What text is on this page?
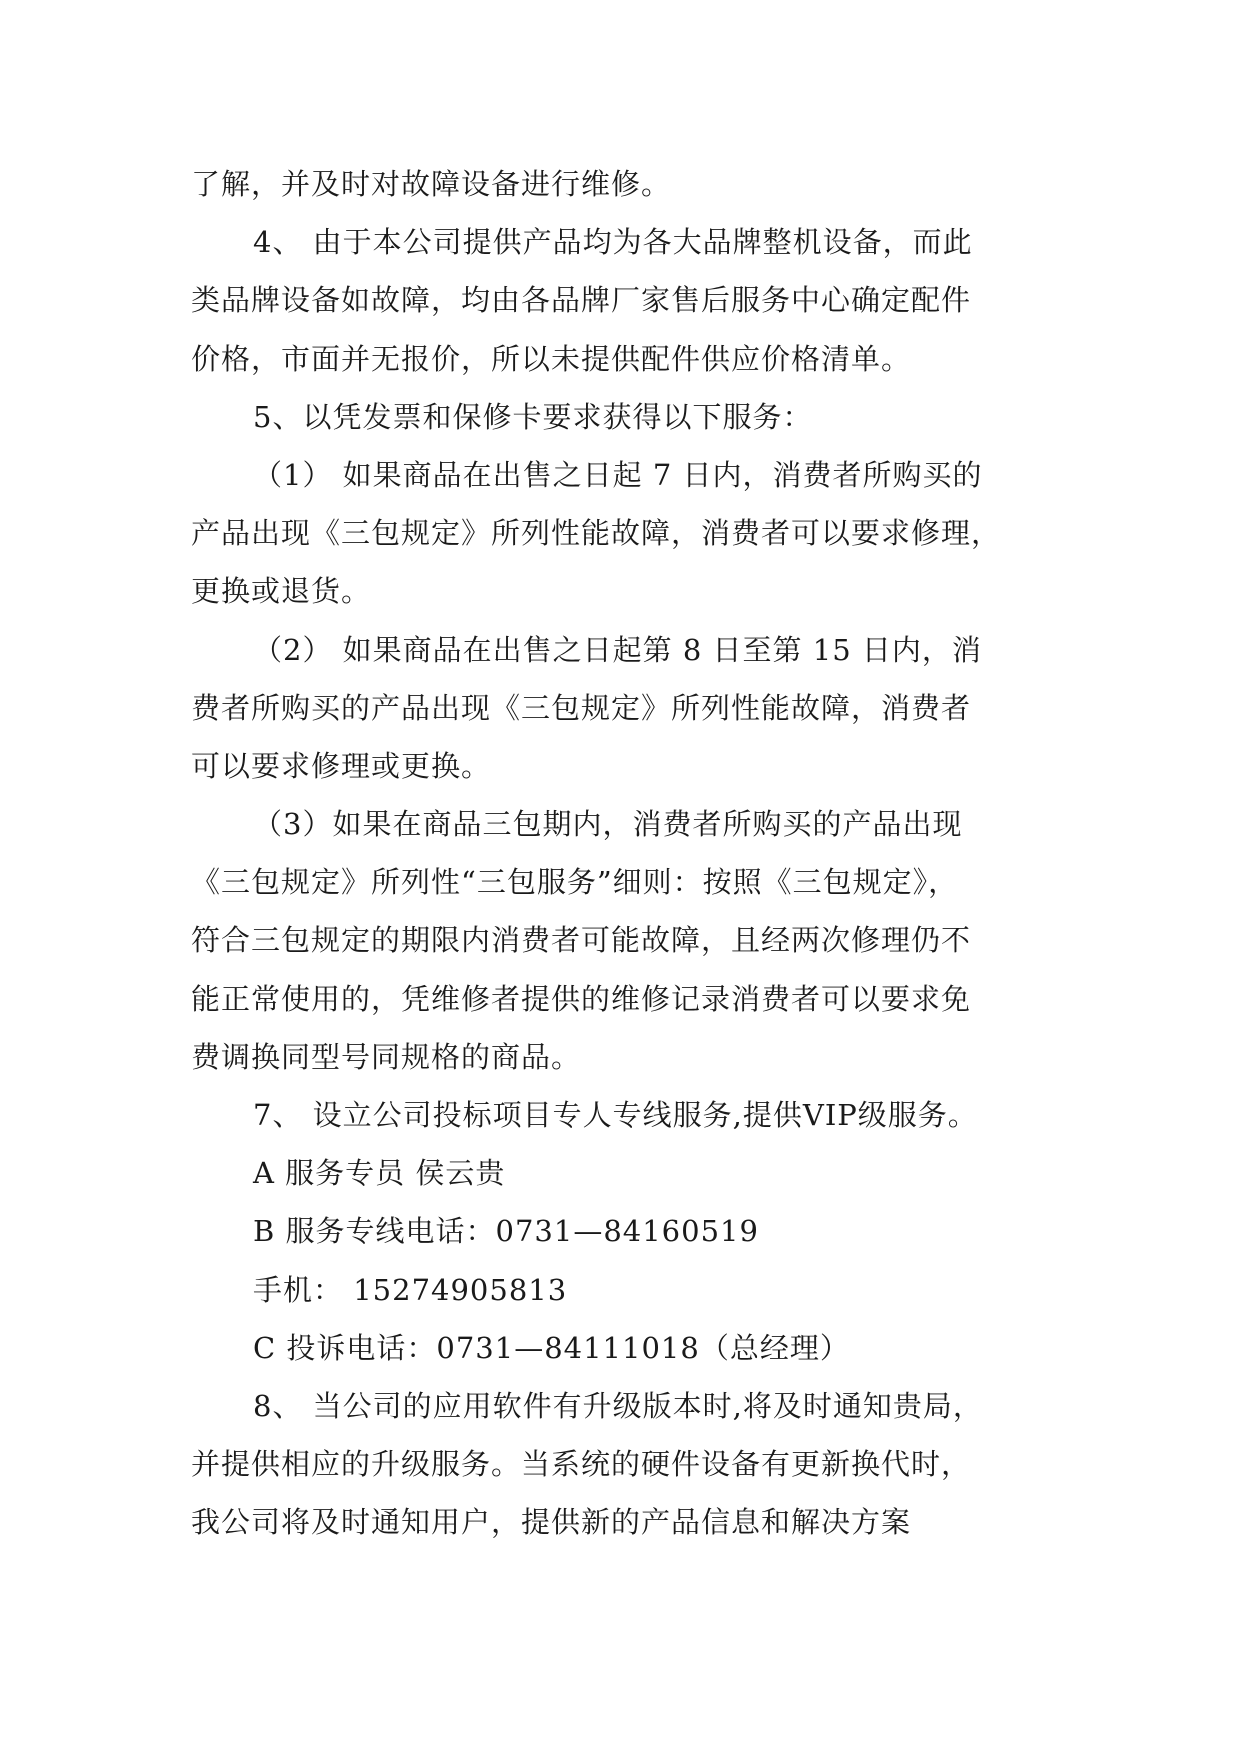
了解，并及时对故障设备进行维修。
4、 由于本公司提供产品均为各大品牌整机设备，而此
类品牌设备如故障，均由各品牌厂家售后服务中心确定配件
价格，市面并无报价，所以未提供配件供应价格清单。
5、以凭发票和保修卡要求获得以下服务：
（1） 如果商品在出售之日起 7 日内，消费者所购买的
产品出现《三包规定》所列性能故障，消费者可以要求修理，
更换或退货。
（2） 如果商品在出售之日起第 8 日至第 15 日内，消
费者所购买的产品出现《三包规定》所列性能故障，消费者
可以要求修理或更换。
（3）如果在商品三包期内，消费者所购买的产品出现
《三包规定》所列性“三包服务”细则：按照《三包规定》，
符合三包规定的期限内消费者可能故障，且经两次修理仍不
能正常使用的，凭维修者提供的维修记录消费者可以要求免
费调换同型号同规格的商品。
7、 设立公司投标项目专人专线服务,提供VIP级服务。
A 服务专员 侯云贵
B 服务专线电话：0731—84160519
手机： 15274905813
C 投诉电话：0731—84111018（总经理）
8、 当公司的应用软件有升级版本时,将及时通知贵局，
并提供相应的升级服务。当系统的硬件设备有更新换代时，
我公司将及时通知用户，提供新的产品信息和解决方案
